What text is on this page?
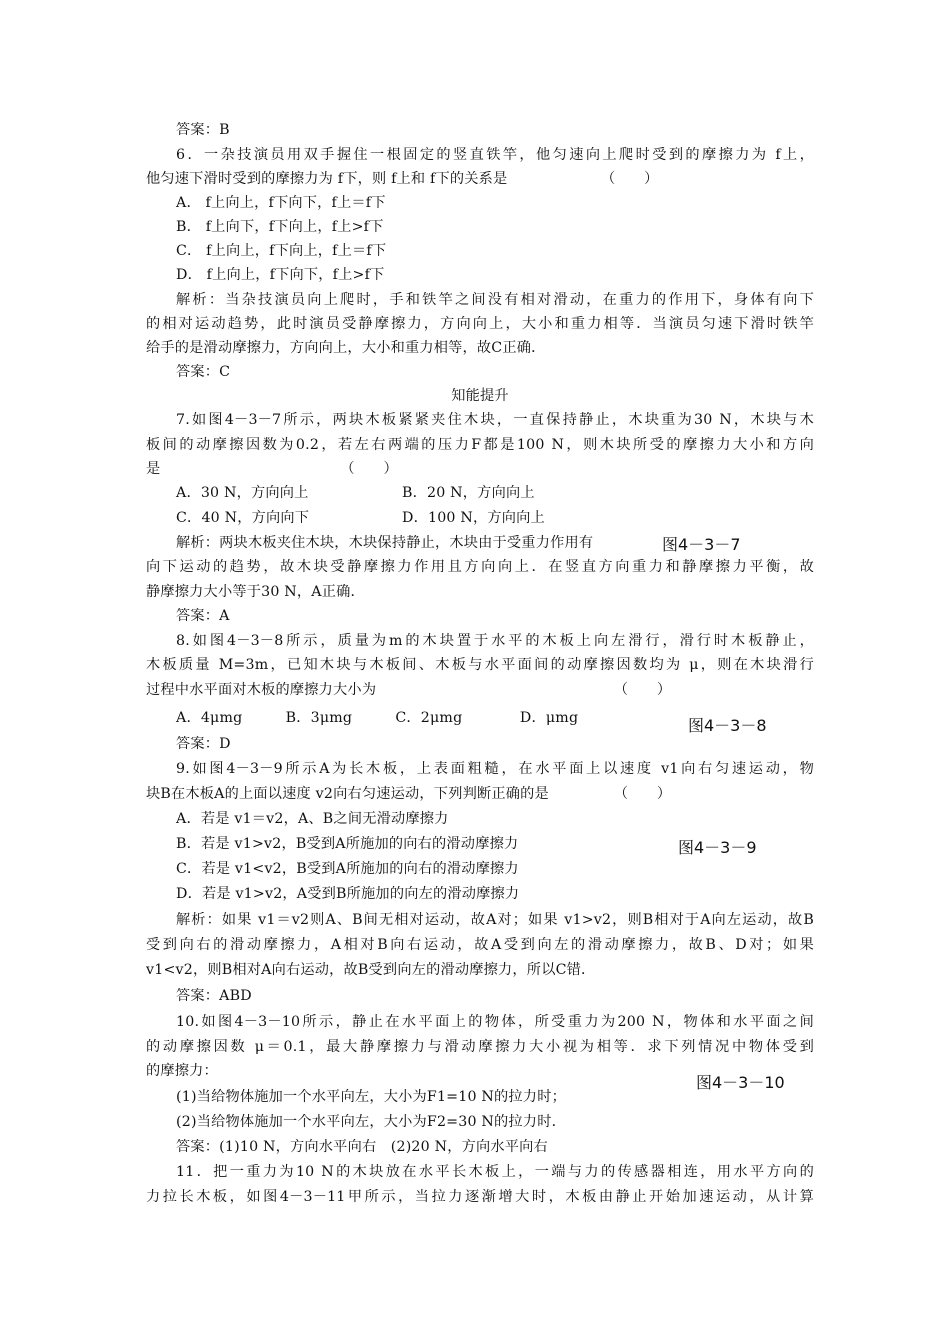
答案：B
6．一杂技演员用双手握住一根固定的竖直铁竿，他匀速向上爬时受到的摩擦力为 f上，
他匀速下滑时受到的摩擦力为 f下，则 f上和 f下的关系是　　　　　　　（　　）
A． f上向上，f下向下，f上＝f下
B． f上向下，f下向上，f上>f下
C． f上向上，f下向上，f上＝f下
D． f上向上，f下向下，f上>f下
解析：当杂技演员向上爬时，手和铁竿之间没有相对滑动，在重力的作用下，身体有向下
的相对运动趋势，此时演员受静摩擦力，方向向上，大小和重力相等．当演员匀速下滑时铁竿
给手的是滑动摩擦力，方向向上，大小和重力相等，故C正确．
答案：C
知能提升
7.如图4－3－7所示，两块木板紧紧夹住木块，一直保持静止，木块重为30 N，木块与木
板间的动摩擦因数为0.2，若左右两端的压力F都是100 N，则木块所受的摩擦力大小和方向
是　　　　　　　　　　　　　（　　）
A．30 N，方向向上	B．20 N，方向向上
C．40 N，方向向下	D．100 N，方向向上
解析：两块木板夹住木块，木块保持静止，木块由于受重力作用有	图4－3－7
向下运动的趋势，故木块受静摩擦力作用且方向向上．在竖直方向重力和静摩擦力平衡，故
静摩擦力大小等于30 N，A正确．
答案：A
8.如图4－3－8所示，质量为m的木块置于水平的木板上向左滑行，滑行时木板静止，
木板质量 M=3m，已知木块与木板间、木板与水平面间的动摩擦因数均为 μ，则在木块滑行
过程中水平面对木板的摩擦力大小为　　　　　　　　　　　　　　　　　（　　）
A．4μmg　　　B．3μmg　　　C．2μmg　　　　D．μmg	图4－3－8
答案：D
9.如图4－3－9所示A为长木板，上表面粗糙，在水平面上以速度 v1向右匀速运动，物
块B在木板A的上面以速度 v2向右匀速运动，下列判断正确的是　　　　　（　　）
A．若是 v1＝v2，A、B之间无滑动摩擦力
B．若是 v1>v2，B受到A所施加的向右的滑动摩擦力	图4－3－9
C．若是 v1<v2，B受到A所施加的向右的滑动摩擦力
D．若是 v1>v2，A受到B所施加的向左的滑动摩擦力
解析：如果 v1＝v2则A、B间无相对运动，故A对；如果 v1>v2，则B相对于A向左运动，故B
受到向右的滑动摩擦力，A相对B向右运动，故A受到向左的滑动摩擦力，故B、D对；如果
v1<v2，则B相对A向右运动，故B受到向左的滑动摩擦力，所以C错．
答案：ABD
10.如图4－3－10所示，静止在水平面上的物体，所受重力为200 N，物体和水平面之间
的动摩擦因数 μ＝0.1，最大静摩擦力与滑动摩擦力大小视为相等．求下列情况中物体受到
的摩擦力：
图4－3－10
(1)当给物体施加一个水平向左，大小为F1=10 N的拉力时；
(2)当给物体施加一个水平向左，大小为F2=30 N的拉力时．
答案：(1)10 N，方向水平向右　(2)20 N，方向水平向右
11．把一重力为10 N的木块放在水平长木板上，一端与力的传感器相连，用水平方向的
力拉长木板，如图4－3－11甲所示，当拉力逐渐增大时，木板由静止开始加速运动，从计算
